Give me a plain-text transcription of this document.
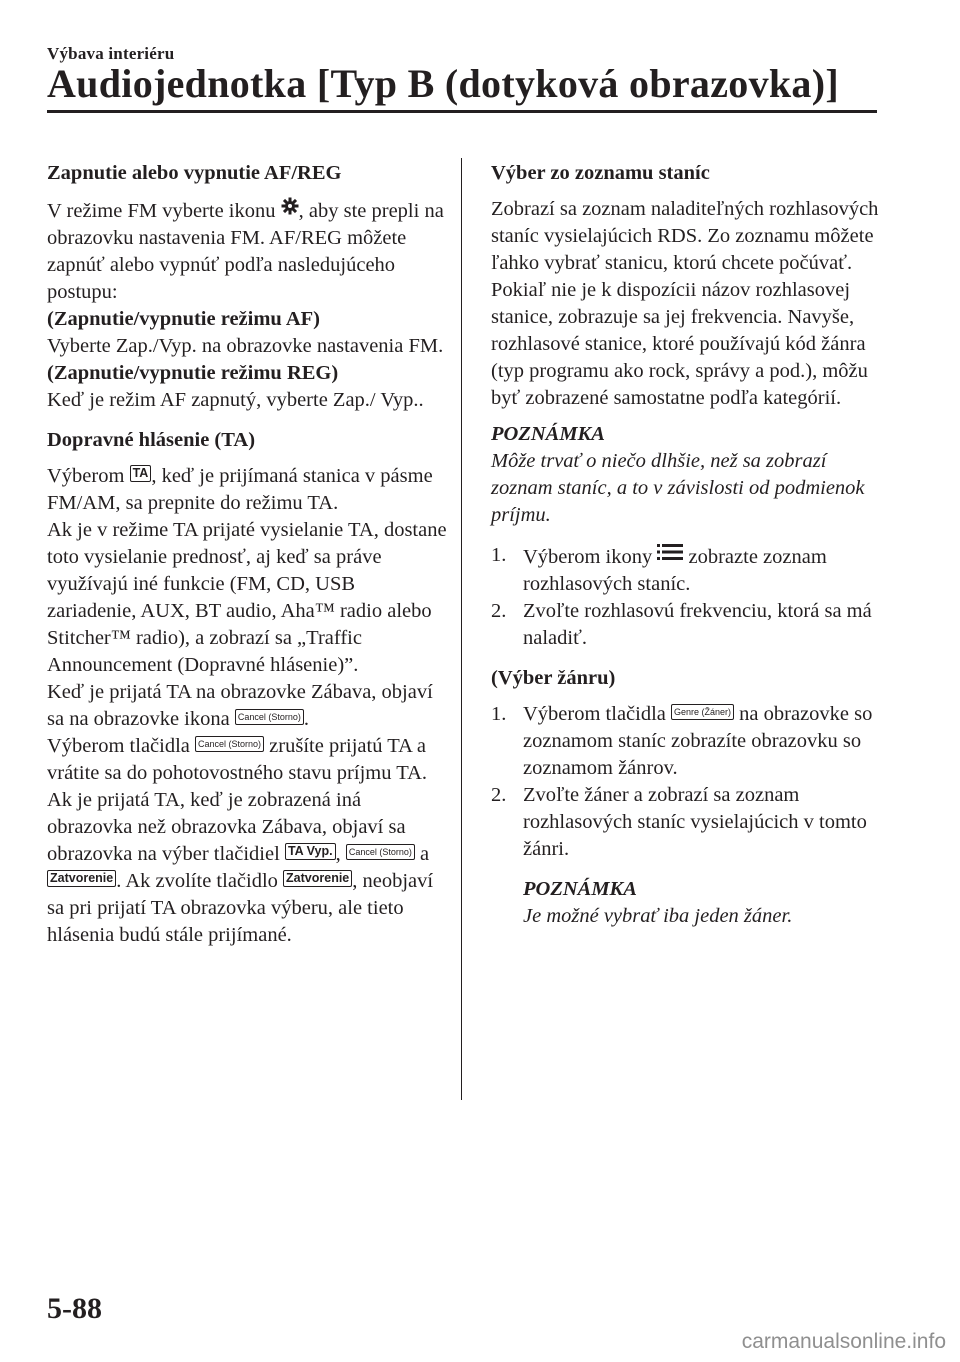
Výbava interiéru
Audiojednotka [Typ B (dotyková obrazovka)]

Zapnutie alebo vypnutie AF/REG

V režime FM vyberte ikonu , aby ste prepli na obrazovku nastavenia FM. AF/REG môžete zapnúť alebo vypnúť podľa nasledujúceho postupu:

(Zapnutie/vypnutie režimu AF)

Vyberte Zap./Vyp. na obrazovke nastavenia FM.

(Zapnutie/vypnutie režimu REG)

Keď je režim AF zapnutý, vyberte Zap./ Vyp..

Dopravné hlásenie (TA)

Výberom TA , keď je prijímaná stanica v pásme FM/AM, sa prepnite do režimu TA.

Ak je v režime TA prijaté vysielanie TA, dostane toto vysielanie prednosť, aj keď sa práve využívajú iné funkcie (FM, CD, USB zariadenie, AUX, BT audio, Aha™ radio alebo Stitcher™ radio), a zobrazí sa „Traffic Announcement (Dopravné hlásenie)”.

Keď je prijatá TA na obrazovke Zábava, objaví sa na obrazovke ikona Cancel (Storno) .

Výberom tlačidla Cancel (Storno) zrušíte prijatú TA a vrátite sa do pohotovostného stavu príjmu TA. Ak je prijatá TA, keď je zobrazená iná obrazovka než obrazovka Zábava, objaví sa obrazovka na výber tlačidiel TA Vyp. , Cancel (Storno) a Zatvorenie . Ak zvolíte tlačidlo Zatvorenie , neobjaví sa pri prijatí TA obrazovka výberu, ale tieto hlásenia budú stále prijímané.

Výber zo zoznamu staníc

Zobrazí sa zoznam naladiteľných rozhlasových staníc vysielajúcich RDS. Zo zoznamu môžete ľahko vybrať stanicu, ktorú chcete počúvať. Pokiaľ nie je k dispozícii názov rozhlasovej stanice, zobrazuje sa jej frekvencia. Navyše, rozhlasové stanice, ktoré používajú kód žánra (typ programu ako rock, správy a pod.), môžu byť zobrazené samostatne podľa kategórií.

POZNÁMKA

Môže trvať o niečo dlhšie, než sa zobrazí zoznam staníc, a to v závislosti od podmienok príjmu.

1. Výberom ikony  zobrazte zoznam rozhlasových staníc.
2. Zvoľte rozhlasovú frekvenciu, ktorá sa má naladiť.

(Výber žánru)

1. Výberom tlačidla Genre (Žáner) na obrazovke so zoznamom staníc zobrazíte obrazovku so zoznamom žánrov.
2. Zvoľte žáner a zobrazí sa zoznam rozhlasových staníc vysielajúcich v tomto žánri.

POZNÁMKA

Je možné vybrať iba jeden žáner.

5-88
carmanualsonline.info
